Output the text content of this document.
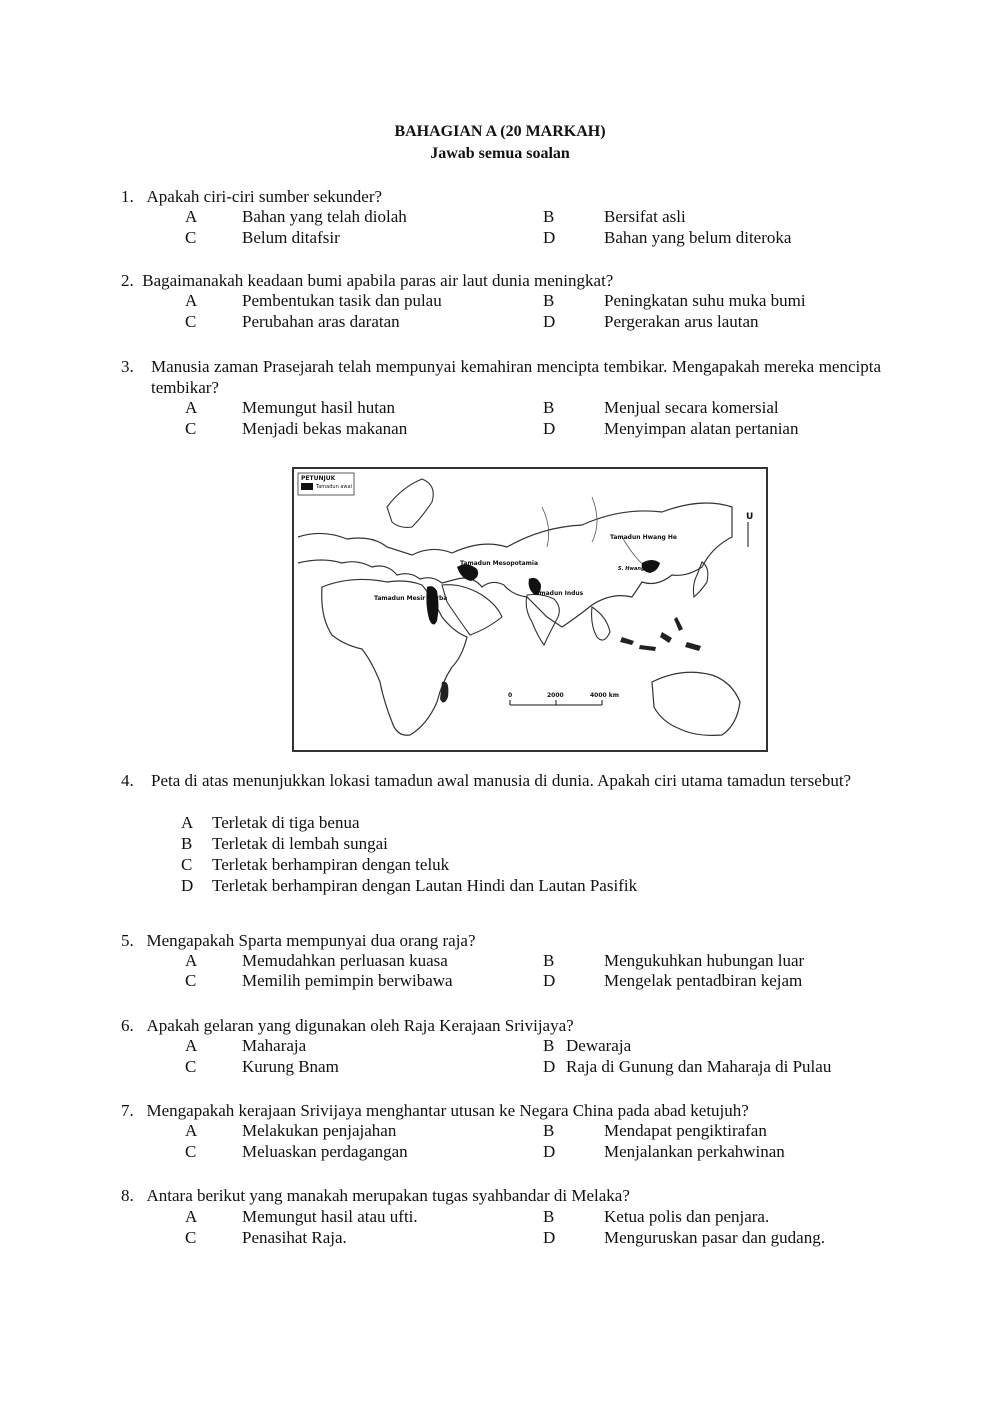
BAHAGIAN A (20 MARKAH)
Jawab semua soalan
1. Apakah ciri-ciri sumber sekunder?
A	Bahan yang telah diolah	B	Bersifat asli
C	Belum ditafsir	D	Bahan yang belum diteroka
2. Bagaimanakah keadaan bumi apabila paras air laut dunia meningkat?
A	Pembentukan tasik dan pulau	B	Peningkatan suhu muka bumi
C	Perubahan aras daratan	D	Pergerakan arus lautan
3.	Manusia zaman Prasejarah telah mempunyai kemahiran mencipta tembikar. Mengapakah mereka mencipta tembikar?
A	Memungut hasil hutan	B	Menjual secara komersial
C	Menjadi bekas makanan	D	Menyimpan alatan pertanian
PETUNJUK
Tamadun awal
Tamadun Hwang He
S. Hwang He
Tamadun Mesopotamia
Tamadun Indus
Tamadun Mesir Purba
0	2000	4000 km
U
4.	Peta di atas menunjukkan lokasi tamadun awal manusia di dunia. Apakah ciri utama tamadun tersebut?
A Terletak di tiga benua
B Terletak di lembah sungai
C Terletak berhampiran dengan teluk
D Terletak berhampiran dengan Lautan Hindi dan Lautan Pasifik
5. Mengapakah Sparta mempunyai dua orang raja?
A	Memudahkan perluasan kuasa	B	Mengukuhkan hubungan luar
C	Memilih pemimpin berwibawa	D	Mengelak pentadbiran kejam
6. Apakah gelaran yang digunakan oleh Raja Kerajaan Srivijaya?
A	Maharaja	B Dewaraja
C	Kurung Bnam	D Raja di Gunung dan Maharaja di Pulau
7. Mengapakah kerajaan Srivijaya menghantar utusan ke Negara China pada abad ketujuh?
A	Melakukan penjajahan	B	Mendapat pengiktirafan
C	Meluaskan perdagangan	D	Menjalankan perkahwinan
8. Antara berikut yang manakah merupakan tugas syahbandar di Melaka?
A	Memungut hasil atau ufti.	B	Ketua polis dan penjara.
C	Penasihat Raja.	D	Menguruskan pasar dan gudang.
